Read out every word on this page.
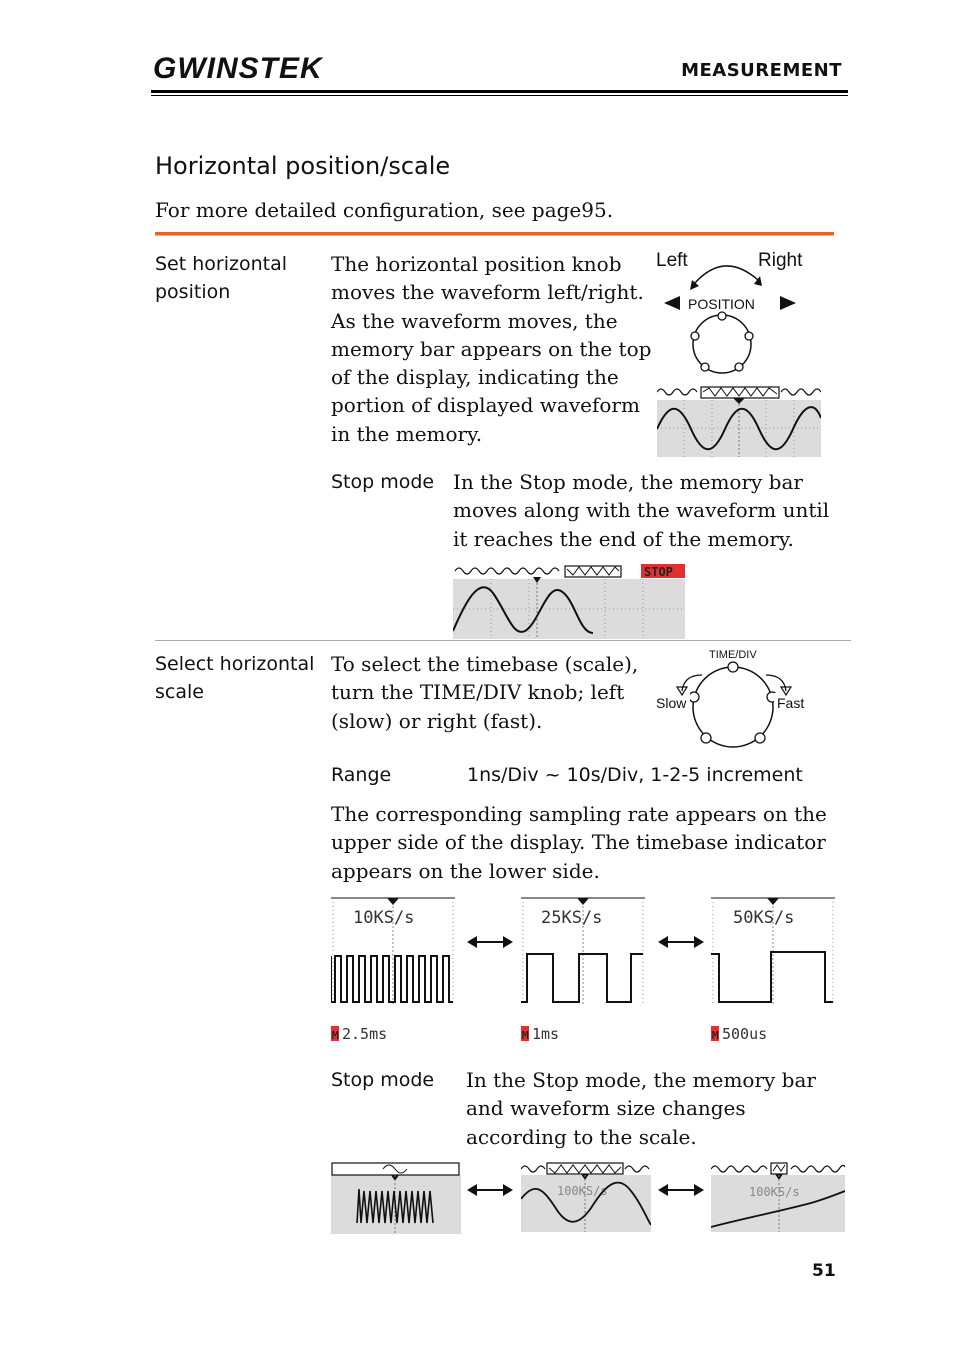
GWINSTEK	MEASUREMENT
Horizontal position/scale
For more detailed configuration, see page95.
Set horizontal
position
The horizontal position knob
moves the waveform left/right.
As the waveform moves, the
memory bar appears on the top
of the display, indicating the
portion of displayed waveform
in the memory.
Left	Right
POSITION
Stop mode In the Stop mode, the memory bar
moves along with the waveform until
it reaches the end of the memory.
STOP
Select horizontal
scale
To select the timebase (scale),
turn the TIME/DIV knob; left
(slow) or right (fast).
TIME/DIV
Slow	Fast
Range	1ns/Div ~ 10s/Div, 1-2-5 increment
The corresponding sampling rate appears on the
upper side of the display. The timebase indicator
appears on the lower side.
10KS/s
M 2.5ms
25KS/s
M 1ms
50KS/s
M 500us
Stop mode In the Stop mode, the memory bar
and waveform size changes
according to the scale.
100KS/s	100KS/s
51
